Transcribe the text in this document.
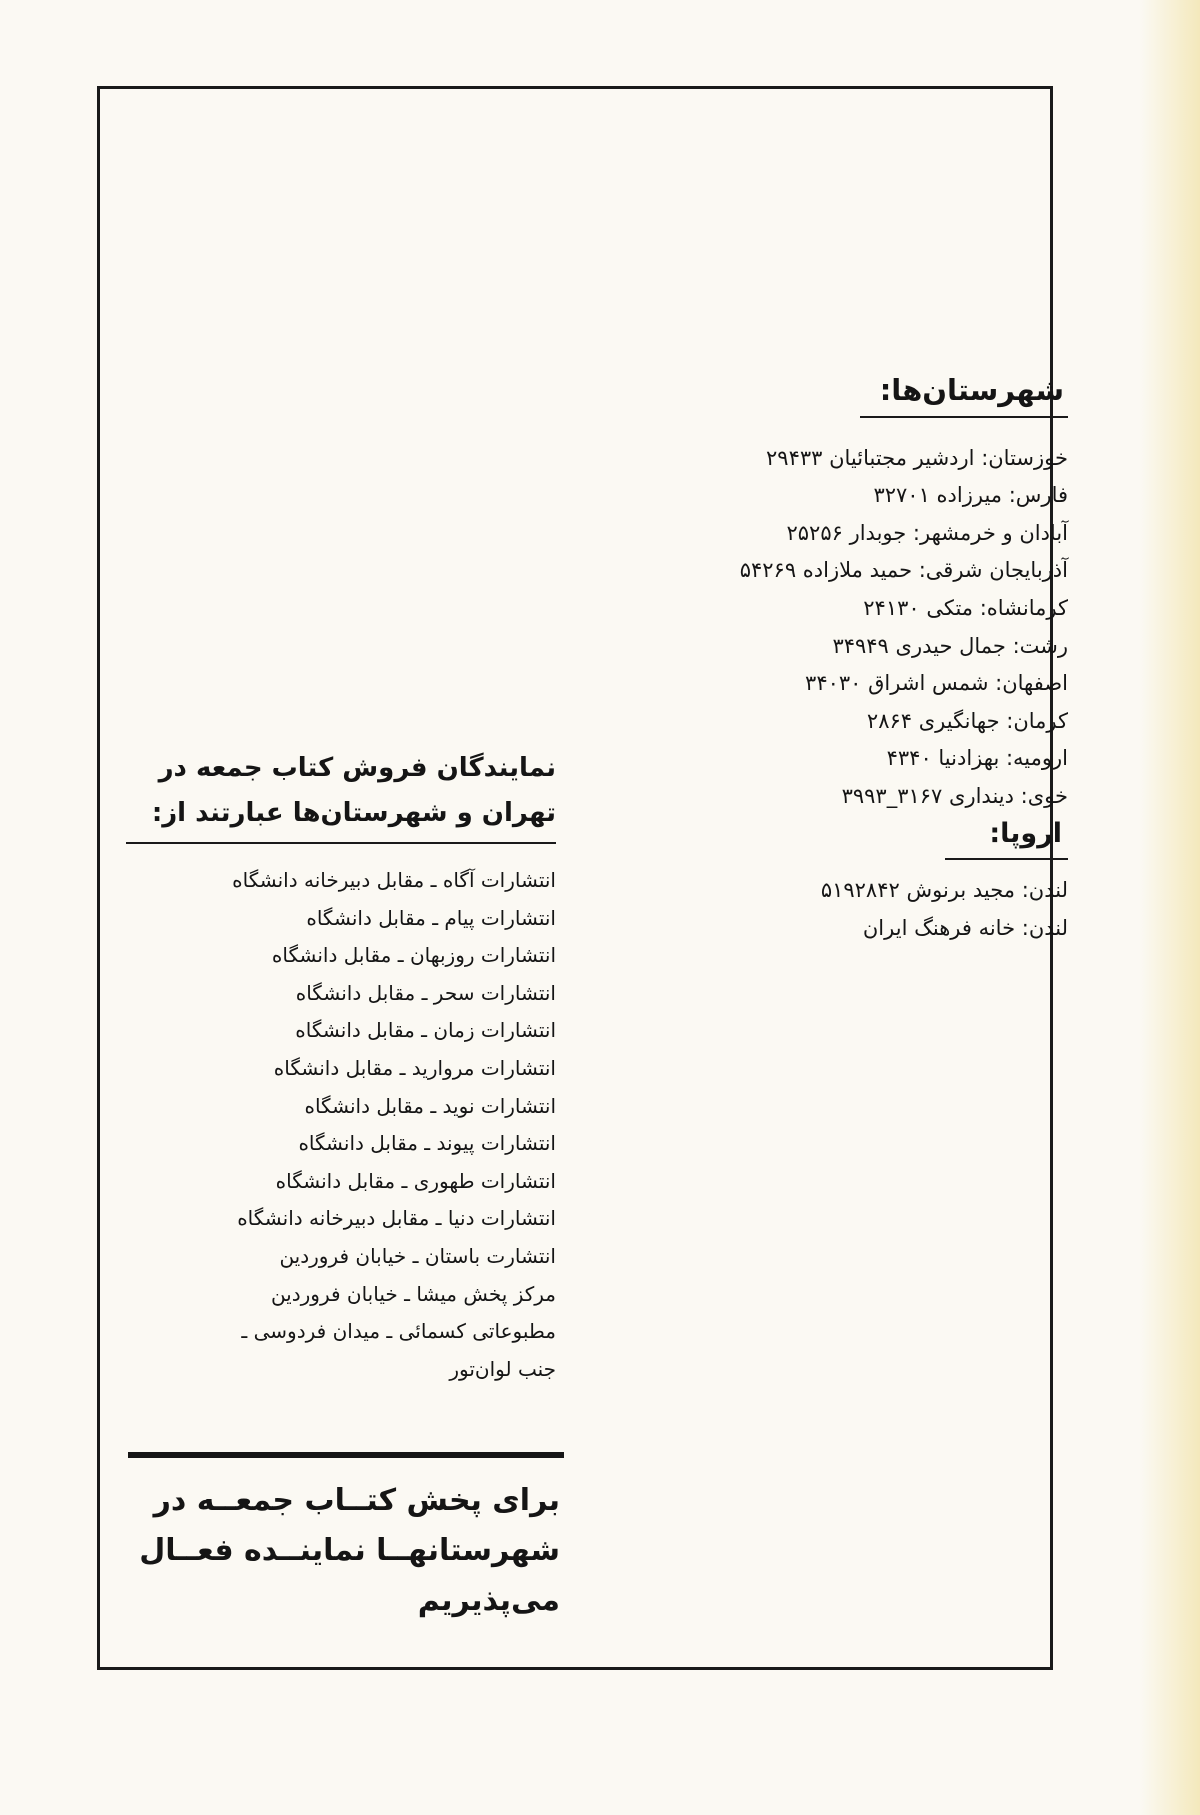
شهرستان‌ها:
خوزستان: اردشیر مجتبائیان ۲۹۴۳۳
فارس: میرزاده ۳۲۷۰۱
آبادان و خرمشهر: جوبدار ۲۵۲۵۶
آذربایجان شرقی: حمید ملازاده ۵۴۲۶۹
کرمانشاه: متکی ۲۴۱۳۰
رشت: جمال حیدری ۳۴۹۴۹
اصفهان: شمس اشراق ۳۴۰۳۰
کرمان: جهانگیری ۲۸۶۴
ارومیه: بهزادنیا ۴۳۴۰
خوی: دینداری ۳۱۶۷_۳۹۹۳
اروپا:
لندن: مجید برنوش ۵۱۹۲۸۴۲
لندن: خانه فرهنگ ایران
نمایندگان فروش کتاب جمعه در
تهران و شهرستان‌ها عبارتند از:
انتشارات آگاه ـ مقابل دبیرخانه دانشگاه
انتشارات پیام ـ مقابل دانشگاه
انتشارات روزبهان ـ مقابل دانشگاه
انتشارات سحر ـ مقابل دانشگاه
انتشارات زمان ـ مقابل دانشگاه
انتشارات مروارید ـ مقابل دانشگاه
انتشارات نوید ـ مقابل دانشگاه
انتشارات پیوند ـ مقابل دانشگاه
انتشارات طهوری ـ مقابل دانشگاه
انتشارات دنیا ـ مقابل دبیرخانه دانشگاه
انتشارت باستان ـ خیابان فروردین
مرکز پخش میشا ـ خیابان فروردین
مطبوعاتی کسمائی ـ میدان فردوسی ـ
جنب لوان‌تور
برای پخش کتــاب جمعــه در
شهرستانهــا نماینــده فعــال
می‌پذیریم
